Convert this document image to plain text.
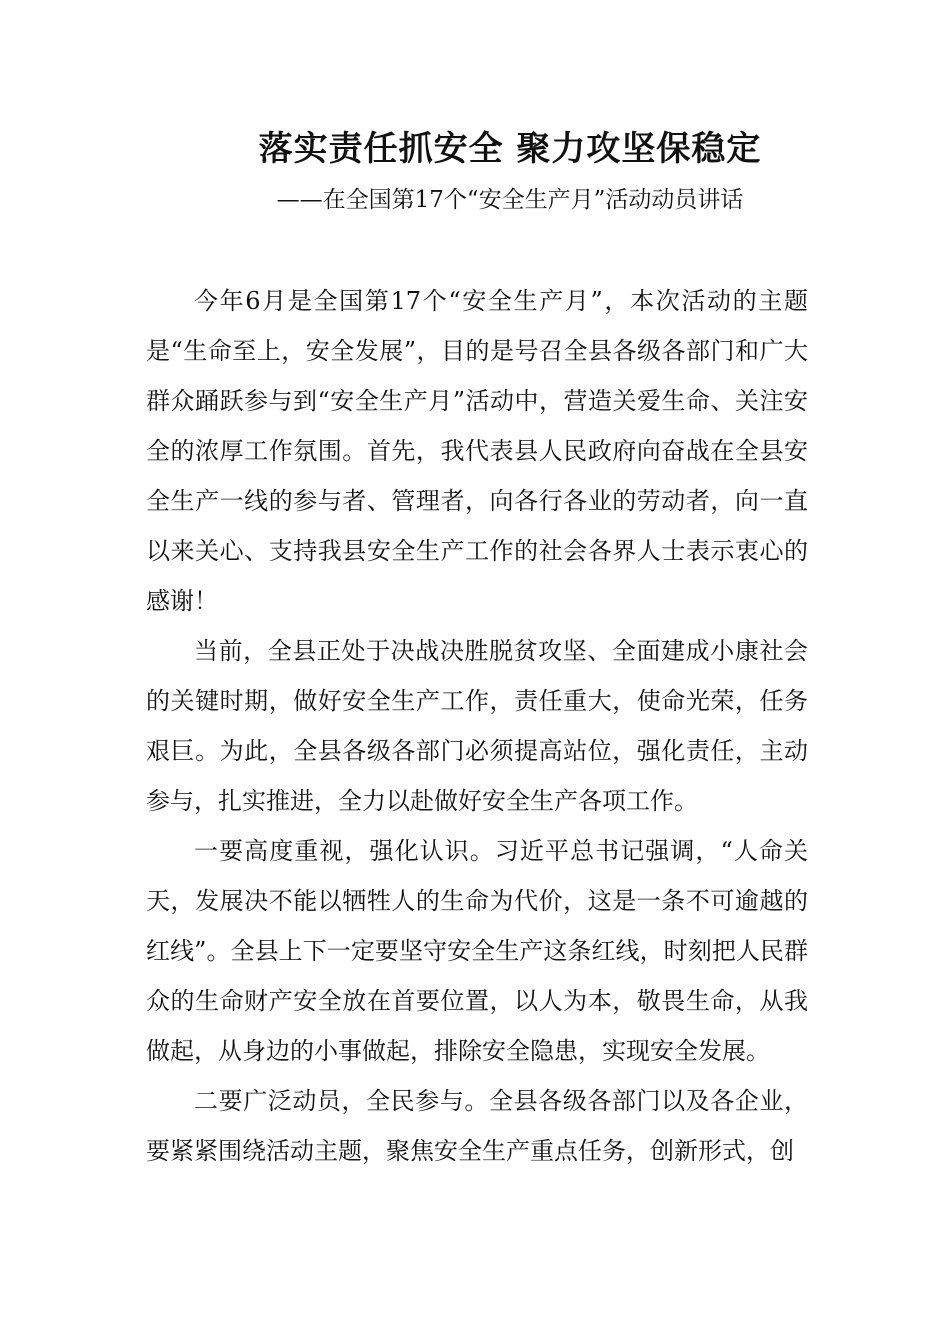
落实责任抓安全 聚力攻坚保稳定
——在全国第17个“安全生产月”活动动员讲话

今年6月是全国第17个“安全生产月”，本次活动的主题是“生命至上，安全发展”，目的是号召全县各级各部门和广大群众踊跃参与到“安全生产月”活动中，营造关爱生命、关注安全的浓厚工作氛围。首先，我代表县人民政府向奋战在全县安全生产一线的参与者、管理者，向各行各业的劳动者，向一直以来关心、支持我县安全生产工作的社会各界人士表示衷心的感谢！

当前，全县正处于决战决胜脱贫攻坚、全面建成小康社会的关键时期，做好安全生产工作，责任重大，使命光荣，任务艰巨。为此，全县各级各部门必须提高站位，强化责任，主动参与，扎实推进，全力以赴做好安全生产各项工作。

一要高度重视，强化认识。习近平总书记强调，“人命关天，发展决不能以牺牲人的生命为代价，这是一条不可逾越的红线”。全县上下一定要坚守安全生产这条红线，时刻把人民群众的生命财产安全放在首要位置，以人为本，敬畏生命，从我做起，从身边的小事做起，排除安全隐患，实现安全发展。

二要广泛动员，全民参与。全县各级各部门以及各企业，要紧紧围绕活动主题，聚焦安全生产重点任务，创新形式，创
